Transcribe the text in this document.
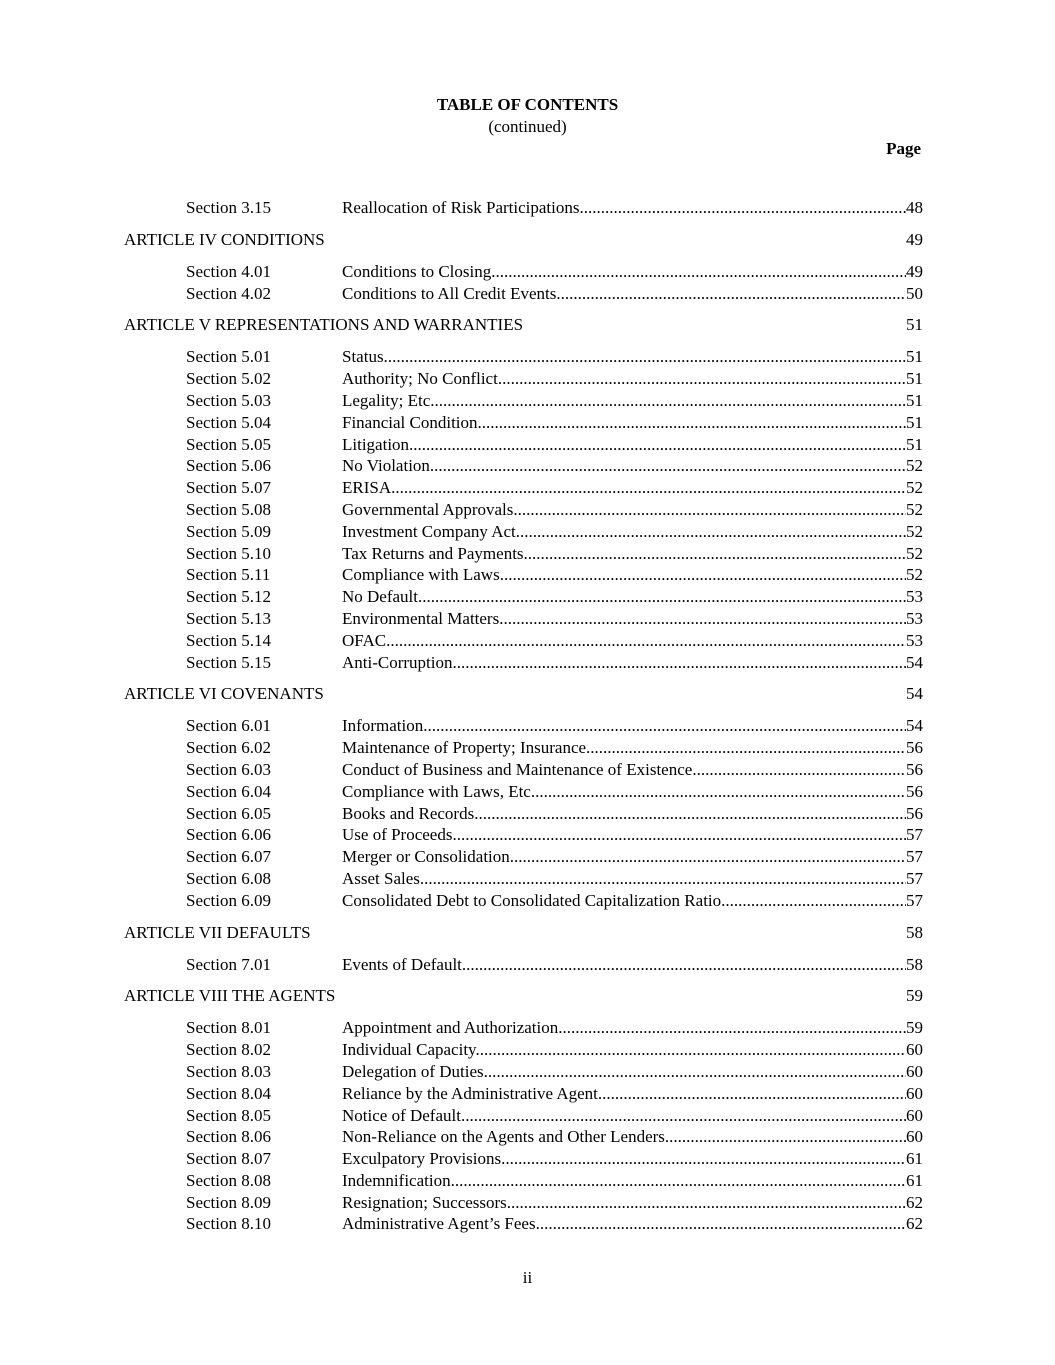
TABLE OF CONTENTS
(continued)
Page
Section 3.15	Reallocation of Risk Participations. .....	48
ARTICLE IV CONDITIONS	49
Section 4.01	Conditions to Closing. .....	49
Section 4.02	Conditions to All Credit Events. .....	50
ARTICLE V REPRESENTATIONS AND WARRANTIES	51
Section 5.01	Status. .....	51
Section 5.02	Authority; No Conflict. .....	51
Section 5.03	Legality; Etc. .....	51
Section 5.04	Financial Condition. .....	51
Section 5.05	Litigation. .....	51
Section 5.06	No Violation. .....	52
Section 5.07	ERISA. .....	52
Section 5.08	Governmental Approvals. .....	52
Section 5.09	Investment Company Act. .....	52
Section 5.10	Tax Returns and Payments. .....	52
Section 5.11	Compliance with Laws. .....	52
Section 5.12	No Default. .....	53
Section 5.13	Environmental Matters. .....	53
Section 5.14	OFAC. .....	53
Section 5.15	Anti-Corruption. .....	54
ARTICLE VI COVENANTS	54
Section 6.01	Information. .....	54
Section 6.02	Maintenance of Property; Insurance .....	56
Section 6.03	Conduct of Business and Maintenance of Existence .....	56
Section 6.04	Compliance with Laws, Etc .....	56
Section 6.05	Books and Records. .....	56
Section 6.06	Use of Proceeds. .....	57
Section 6.07	Merger or Consolidation. .....	57
Section 6.08	Asset Sales .....	57
Section 6.09	Consolidated Debt to Consolidated Capitalization Ratio. .....	57
ARTICLE VII DEFAULTS	58
Section 7.01	Events of Default .....	58
ARTICLE VIII THE AGENTS	59
Section 8.01	Appointment and Authorization. .....	59
Section 8.02	Individual Capacity. .....	60
Section 8.03	Delegation of Duties .....	60
Section 8.04	Reliance by the Administrative Agent. .....	60
Section 8.05	Notice of Default. .....	60
Section 8.06	Non-Reliance on the Agents and Other Lenders. .....	60
Section 8.07	Exculpatory Provisions. .....	61
Section 8.08	Indemnification. .....	61
Section 8.09	Resignation; Successors. .....	62
Section 8.10	Administrative Agent’s Fees. .....	62
ii
